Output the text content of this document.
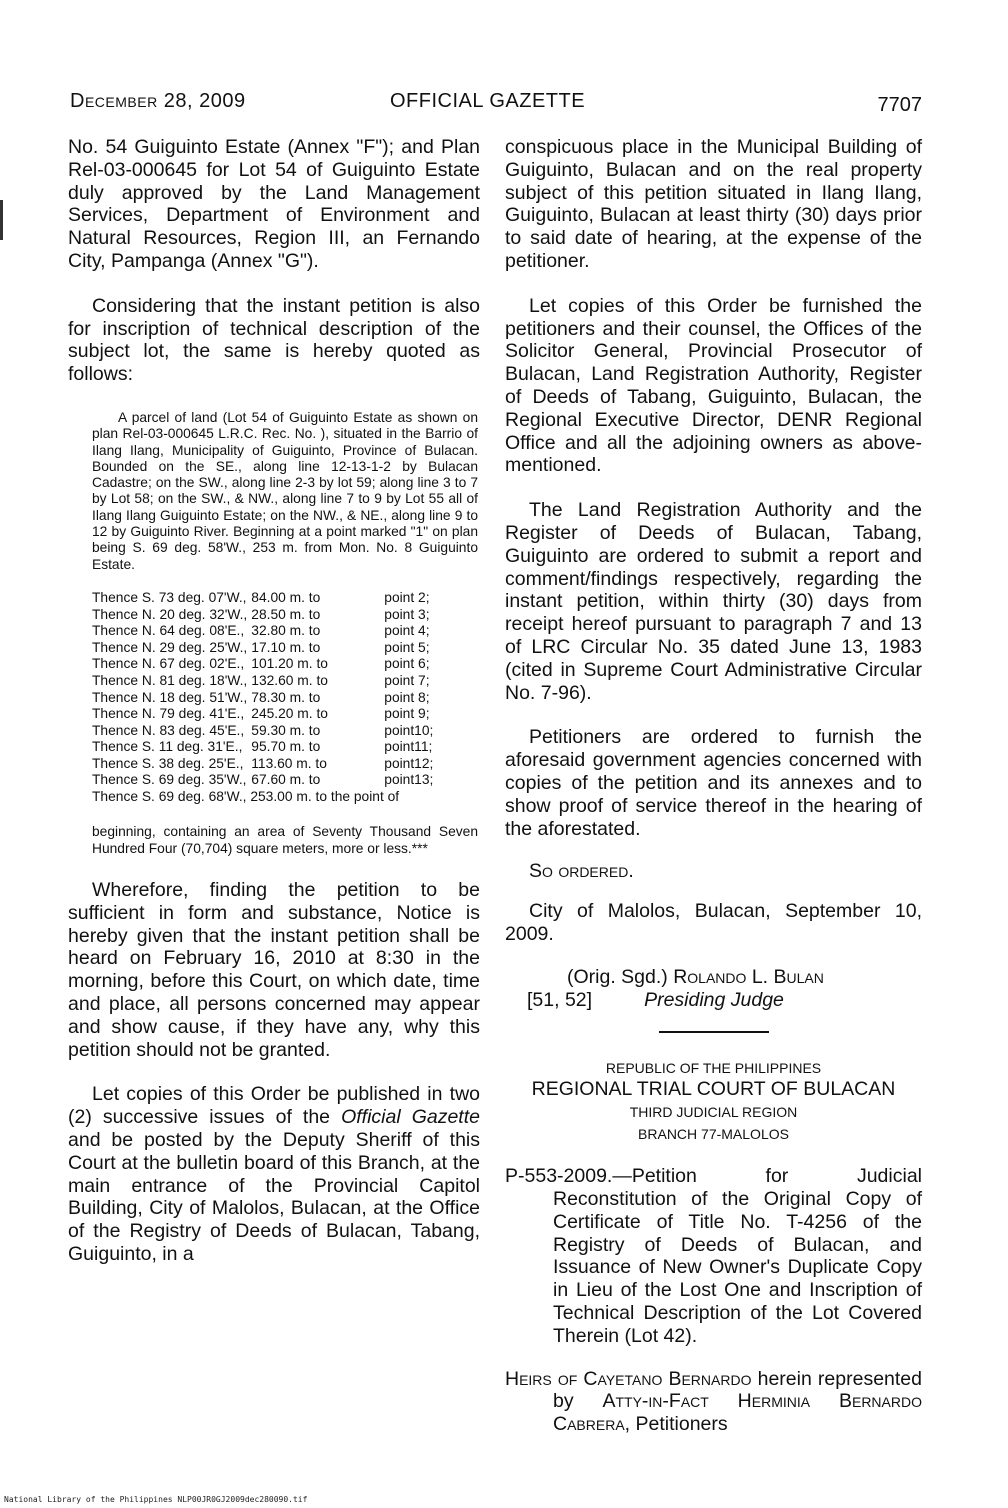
December 28, 2009	OFFICIAL GAZETTE	7707

No. 54 Guiguinto Estate (Annex "F"); and Plan Rel-03-000645 for Lot 54 of Guiguinto Estate duly approved by the Land Management Services, Department of Environment and Natural Resources, Region III, an Fernando City, Pampanga (Annex "G").

Considering that the instant petition is also for inscription of technical description of the subject lot, the same is hereby quoted as follows:

A parcel of land (Lot 54 of Guiguinto Estate as shown on plan Rel-03-000645 L.R.C. Rec. No. ), situated in the Barrio of Ilang Ilang, Municipality of Guiguinto, Province of Bulacan. Bounded on the SE., along line 12-13-1-2 by Bulacan Cadastre; on the SW., along line 2-3 by lot 59; along line 3 to 7 by Lot 58; on the SW., & NW., along line 7 to 9 by Lot 55 all of Ilang Ilang Guiguinto Estate; on the NW., & NE., along line 9 to 12 by Guiguinto River. Beginning at a point marked "1" on plan being S. 69 deg. 58'W., 253 m. from Mon. No. 8 Guiguinto Estate.

Thence S. 73 deg. 07'W.,	84.00 m. to	point 2;
Thence N. 20 deg. 32'W.,	28.50 m. to	point 3;
Thence N. 64 deg. 08'E.,	32.80 m. to	point 4;
Thence N. 29 deg. 25'W.,	17.10 m. to	point 5;
Thence N. 67 deg. 02'E.,	101.20 m. to	point 6;
Thence N. 81 deg. 18'W.,	132.60 m. to	point 7;
Thence N. 18 deg. 51'W.,	78.30 m. to	point 8;
Thence N. 79 deg. 41'E.,	245.20 m. to	point 9;
Thence N. 83 deg. 45'E.,	59.30 m. to	point10;
Thence S. 11 deg. 31'E.,	95.70 m. to	point11;
Thence S. 38 deg. 25'E.,	113.60 m. to	point12;
Thence S. 69 deg. 35'W.,	67.60 m. to	point13;

Thence S. 69 deg. 68'W., 253.00 m. to the point of

beginning, containing an area of Seventy Thousand Seven Hundred Four (70,704) square meters, more or less.***

Wherefore, finding the petition to be sufficient in form and substance, Notice is hereby given that the instant petition shall be heard on February 16, 2010 at 8:30 in the morning, before this Court, on which date, time and place, all persons concerned may appear and show cause, if they have any, why this petition should not be granted.

Let copies of this Order be published in two (2) successive issues of the Official Gazette and be posted by the Deputy Sheriff of this Court at the bulletin board of this Branch, at the main entrance of the Provincial Capitol Building, City of Malolos, Bulacan, at the Office of the Registry of Deeds of Bulacan, Tabang, Guiguinto, in a

conspicuous place in the Municipal Building of Guiguinto, Bulacan and on the real property subject of this petition situated in Ilang Ilang, Guiguinto, Bulacan at least thirty (30) days prior to said date of hearing, at the expense of the petitioner.

Let copies of this Order be furnished the petitioners and their counsel, the Offices of the Solicitor General, Provincial Prosecutor of Bulacan, Land Registration Authority, Register of Deeds of Tabang, Guiguinto, Bulacan, the Regional Executive Director, DENR Regional Office and all the adjoining owners as above-mentioned.

The Land Registration Authority and the Register of Deeds of Bulacan, Tabang, Guiguinto are ordered to submit a report and comment/findings respectively, regarding the instant petition, within thirty (30) days from receipt hereof pursuant to paragraph 7 and 13 of LRC Circular No. 35 dated June 13, 1983 (cited in Supreme Court Administrative Circular No. 7-96).

Petitioners are ordered to furnish the aforesaid government agencies concerned with copies of the petition and its annexes and to show proof of service thereof in the hearing of the aforestated.

So ordered.

City of Malolos, Bulacan, September 10, 2009.

(Orig. Sgd.) Rolando L. Bulan

[51, 52]	Presiding Judge

REPUBLIC OF THE PHILIPPINES

REGIONAL TRIAL COURT OF BULACAN

THIRD JUDICIAL REGION

BRANCH 77-MALOLOS

P-553-2009.—Petition for Judicial Reconstitution of the Original Copy of Certificate of Title No. T-4256 of the Registry of Deeds of Bulacan, and Issuance of New Owner's Duplicate Copy in Lieu of the Lost One and Inscription of Technical Description of the Lot Covered Therein (Lot 42).

Heirs of Cayetano Bernardo herein represented by Atty-in-Fact Herminia Bernardo Cabrera, Petitioners

National Library of the Philippines NLP00JR0GJ2009dec280090.tif
